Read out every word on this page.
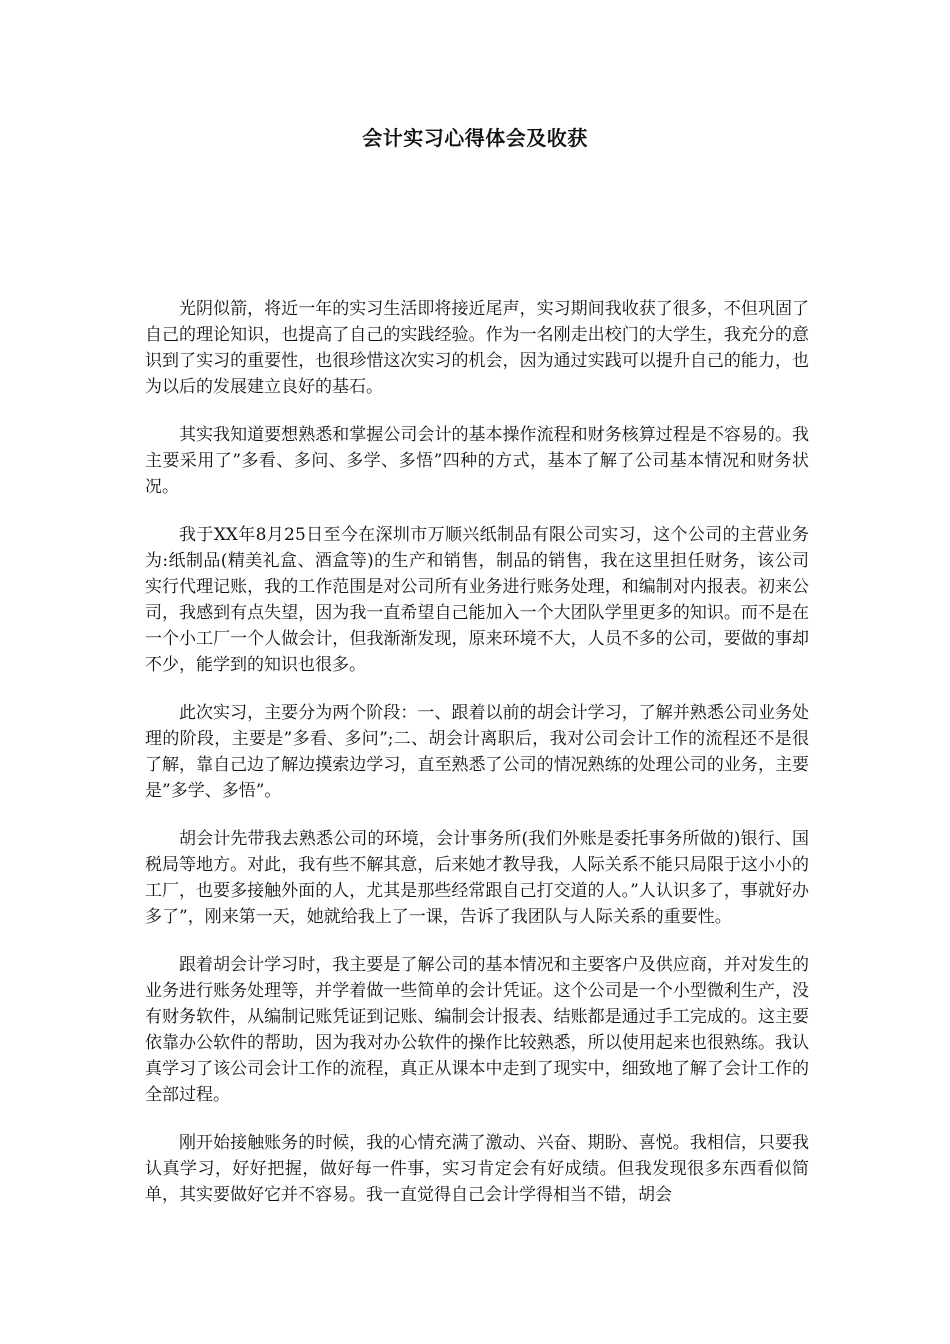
会计实习心得体会及收获

光阴似箭，将近一年的实习生活即将接近尾声，实习期间我收获了很多，不但巩固了自己的理论知识，也提高了自己的实践经验。作为一名刚走出校门的大学生，我充分的意识到了实习的重要性，也很珍惜这次实习的机会，因为通过实践可以提升自己的能力，也为以后的发展建立良好的基石。

其实我知道要想熟悉和掌握公司会计的基本操作流程和财务核算过程是不容易的。我主要采用了”多看、多问、多学、多悟”四种的方式，基本了解了公司基本情况和财务状况。

我于XX年8月25日至今在深圳市万顺兴纸制品有限公司实习，这个公司的主营业务为:纸制品(精美礼盒、酒盒等)的生产和销售，制品的销售，我在这里担任财务，该公司实行代理记账，我的工作范围是对公司所有业务进行账务处理，和编制对内报表。初来公司，我感到有点失望，因为我一直希望自己能加入一个大团队学里更多的知识。而不是在一个小工厂一个人做会计，但我渐渐发现，原来环境不大，人员不多的公司，要做的事却不少，能学到的知识也很多。

此次实习，主要分为两个阶段：一、跟着以前的胡会计学习，了解并熟悉公司业务处理的阶段，主要是”多看、多问”;二、胡会计离职后，我对公司会计工作的流程还不是很了解，靠自己边了解边摸索边学习，直至熟悉了公司的情况熟练的处理公司的业务，主要是”多学、多悟”。

胡会计先带我去熟悉公司的环境，会计事务所(我们外账是委托事务所做的)银行、国税局等地方。对此，我有些不解其意，后来她才教导我，人际关系不能只局限于这小小的工厂，也要多接触外面的人，尤其是那些经常跟自己打交道的人。”人认识多了，事就好办多了”，刚来第一天，她就给我上了一课，告诉了我团队与人际关系的重要性。

跟着胡会计学习时，我主要是了解公司的基本情况和主要客户及供应商，并对发生的业务进行账务处理等，并学着做一些简单的会计凭证。这个公司是一个小型微利生产，没有财务软件，从编制记账凭证到记账、编制会计报表、结账都是通过手工完成的。这主要依靠办公软件的帮助，因为我对办公软件的操作比较熟悉，所以使用起来也很熟练。我认真学习了该公司会计工作的流程，真正从课本中走到了现实中，细致地了解了会计工作的全部过程。

刚开始接触账务的时候，我的心情充满了激动、兴奋、期盼、喜悦。我相信，只要我认真学习，好好把握，做好每一件事，实习肯定会有好成绩。但我发现很多东西看似简单，其实要做好它并不容易。我一直觉得自己会计学得相当不错，胡会
